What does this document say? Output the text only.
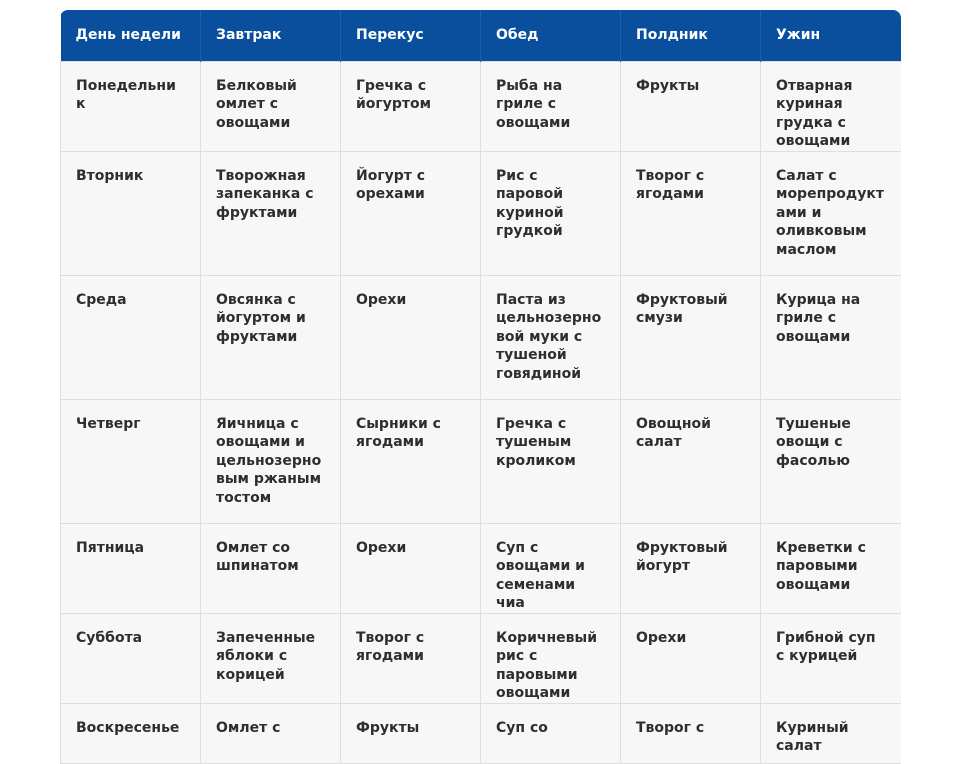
День недели	Завтрак	Перекус	Обед	Полдник	Ужин
Понедельник	Белковый омлет с овощами	Гречка с йогуртом	Рыба на гриле с овощами	Фрукты	Отварная куриная грудка с овощами
Вторник	Творожная запеканка с фруктами	Йогурт с орехами	Рис с паровой куриной грудкой	Творог с ягодами	Салат с морепродуктами и оливковым маслом
Среда	Овсянка с йогуртом и фруктами	Орехи	Паста из цельнозерновой муки с тушеной говядиной	Фруктовый смузи	Курица на гриле с овощами
Четверг	Яичница с овощами и цельнозерновым ржаным тостом	Сырники с ягодами	Гречка с тушеным кроликом	Овощной салат	Тушеные овощи с фасолью
Пятница	Омлет со шпинатом	Орехи	Суп с овощами и семенами чиа	Фруктовый йогурт	Креветки с паровыми овощами
Суббота	Запеченные яблоки с корицей	Творог с ягодами	Коричневый рис с паровыми овощами	Орехи	Грибной суп с курицей
Воскресенье	Омлет с	Фрукты	Суп со	Творог с	Куриный салат
